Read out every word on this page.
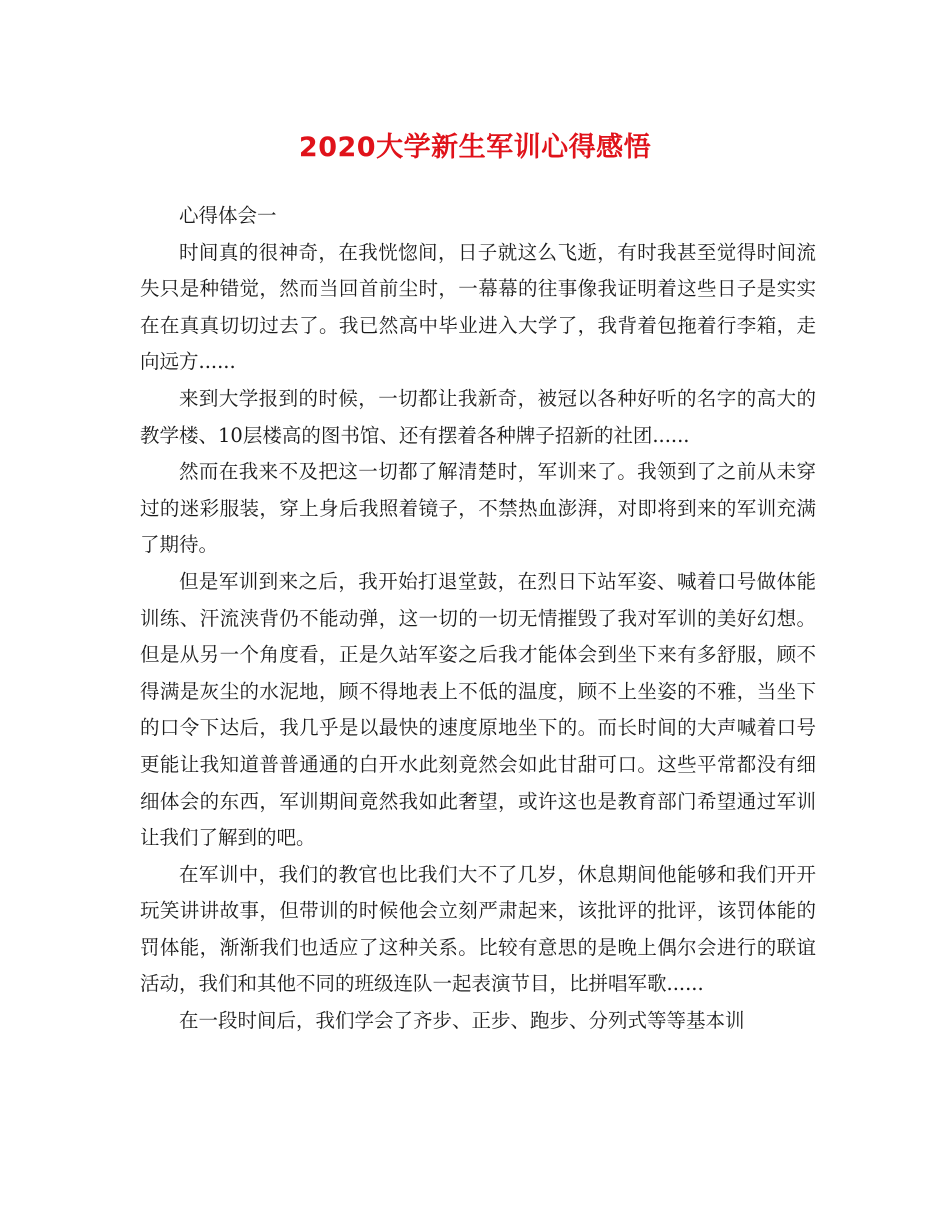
2020大学新生军训心得感悟

心得体会一

时间真的很神奇，在我恍惚间，日子就这么飞逝，有时我甚至觉得时间流失只是种错觉，然而当回首前尘时，一幕幕的往事像我证明着这些日子是实实在在真真切切过去了。我已然高中毕业进入大学了，我背着包拖着行李箱，走向远方......

来到大学报到的时候，一切都让我新奇，被冠以各种好听的名字的高大的教学楼、10层楼高的图书馆、还有摆着各种牌子招新的社团......

然而在我来不及把这一切都了解清楚时，军训来了。我领到了之前从未穿过的迷彩服装，穿上身后我照着镜子，不禁热血澎湃，对即将到来的军训充满了期待。

但是军训到来之后，我开始打退堂鼓，在烈日下站军姿、喊着口号做体能训练、汗流浃背仍不能动弹，这一切的一切无情摧毁了我对军训的美好幻想。但是从另一个角度看，正是久站军姿之后我才能体会到坐下来有多舒服，顾不得满是灰尘的水泥地，顾不得地表上不低的温度，顾不上坐姿的不雅，当坐下的口令下达后，我几乎是以最快的速度原地坐下的。而长时间的大声喊着口号更能让我知道普普通通的白开水此刻竟然会如此甘甜可口。这些平常都没有细细体会的东西，军训期间竟然我如此奢望，或许这也是教育部门希望通过军训让我们了解到的吧。

在军训中，我们的教官也比我们大不了几岁，休息期间他能够和我们开开玩笑讲讲故事，但带训的时候他会立刻严肃起来，该批评的批评，该罚体能的罚体能，渐渐我们也适应了这种关系。比较有意思的是晚上偶尔会进行的联谊活动，我们和其他不同的班级连队一起表演节目，比拼唱军歌......

在一段时间后，我们学会了齐步、正步、跑步、分列式等等基本训
